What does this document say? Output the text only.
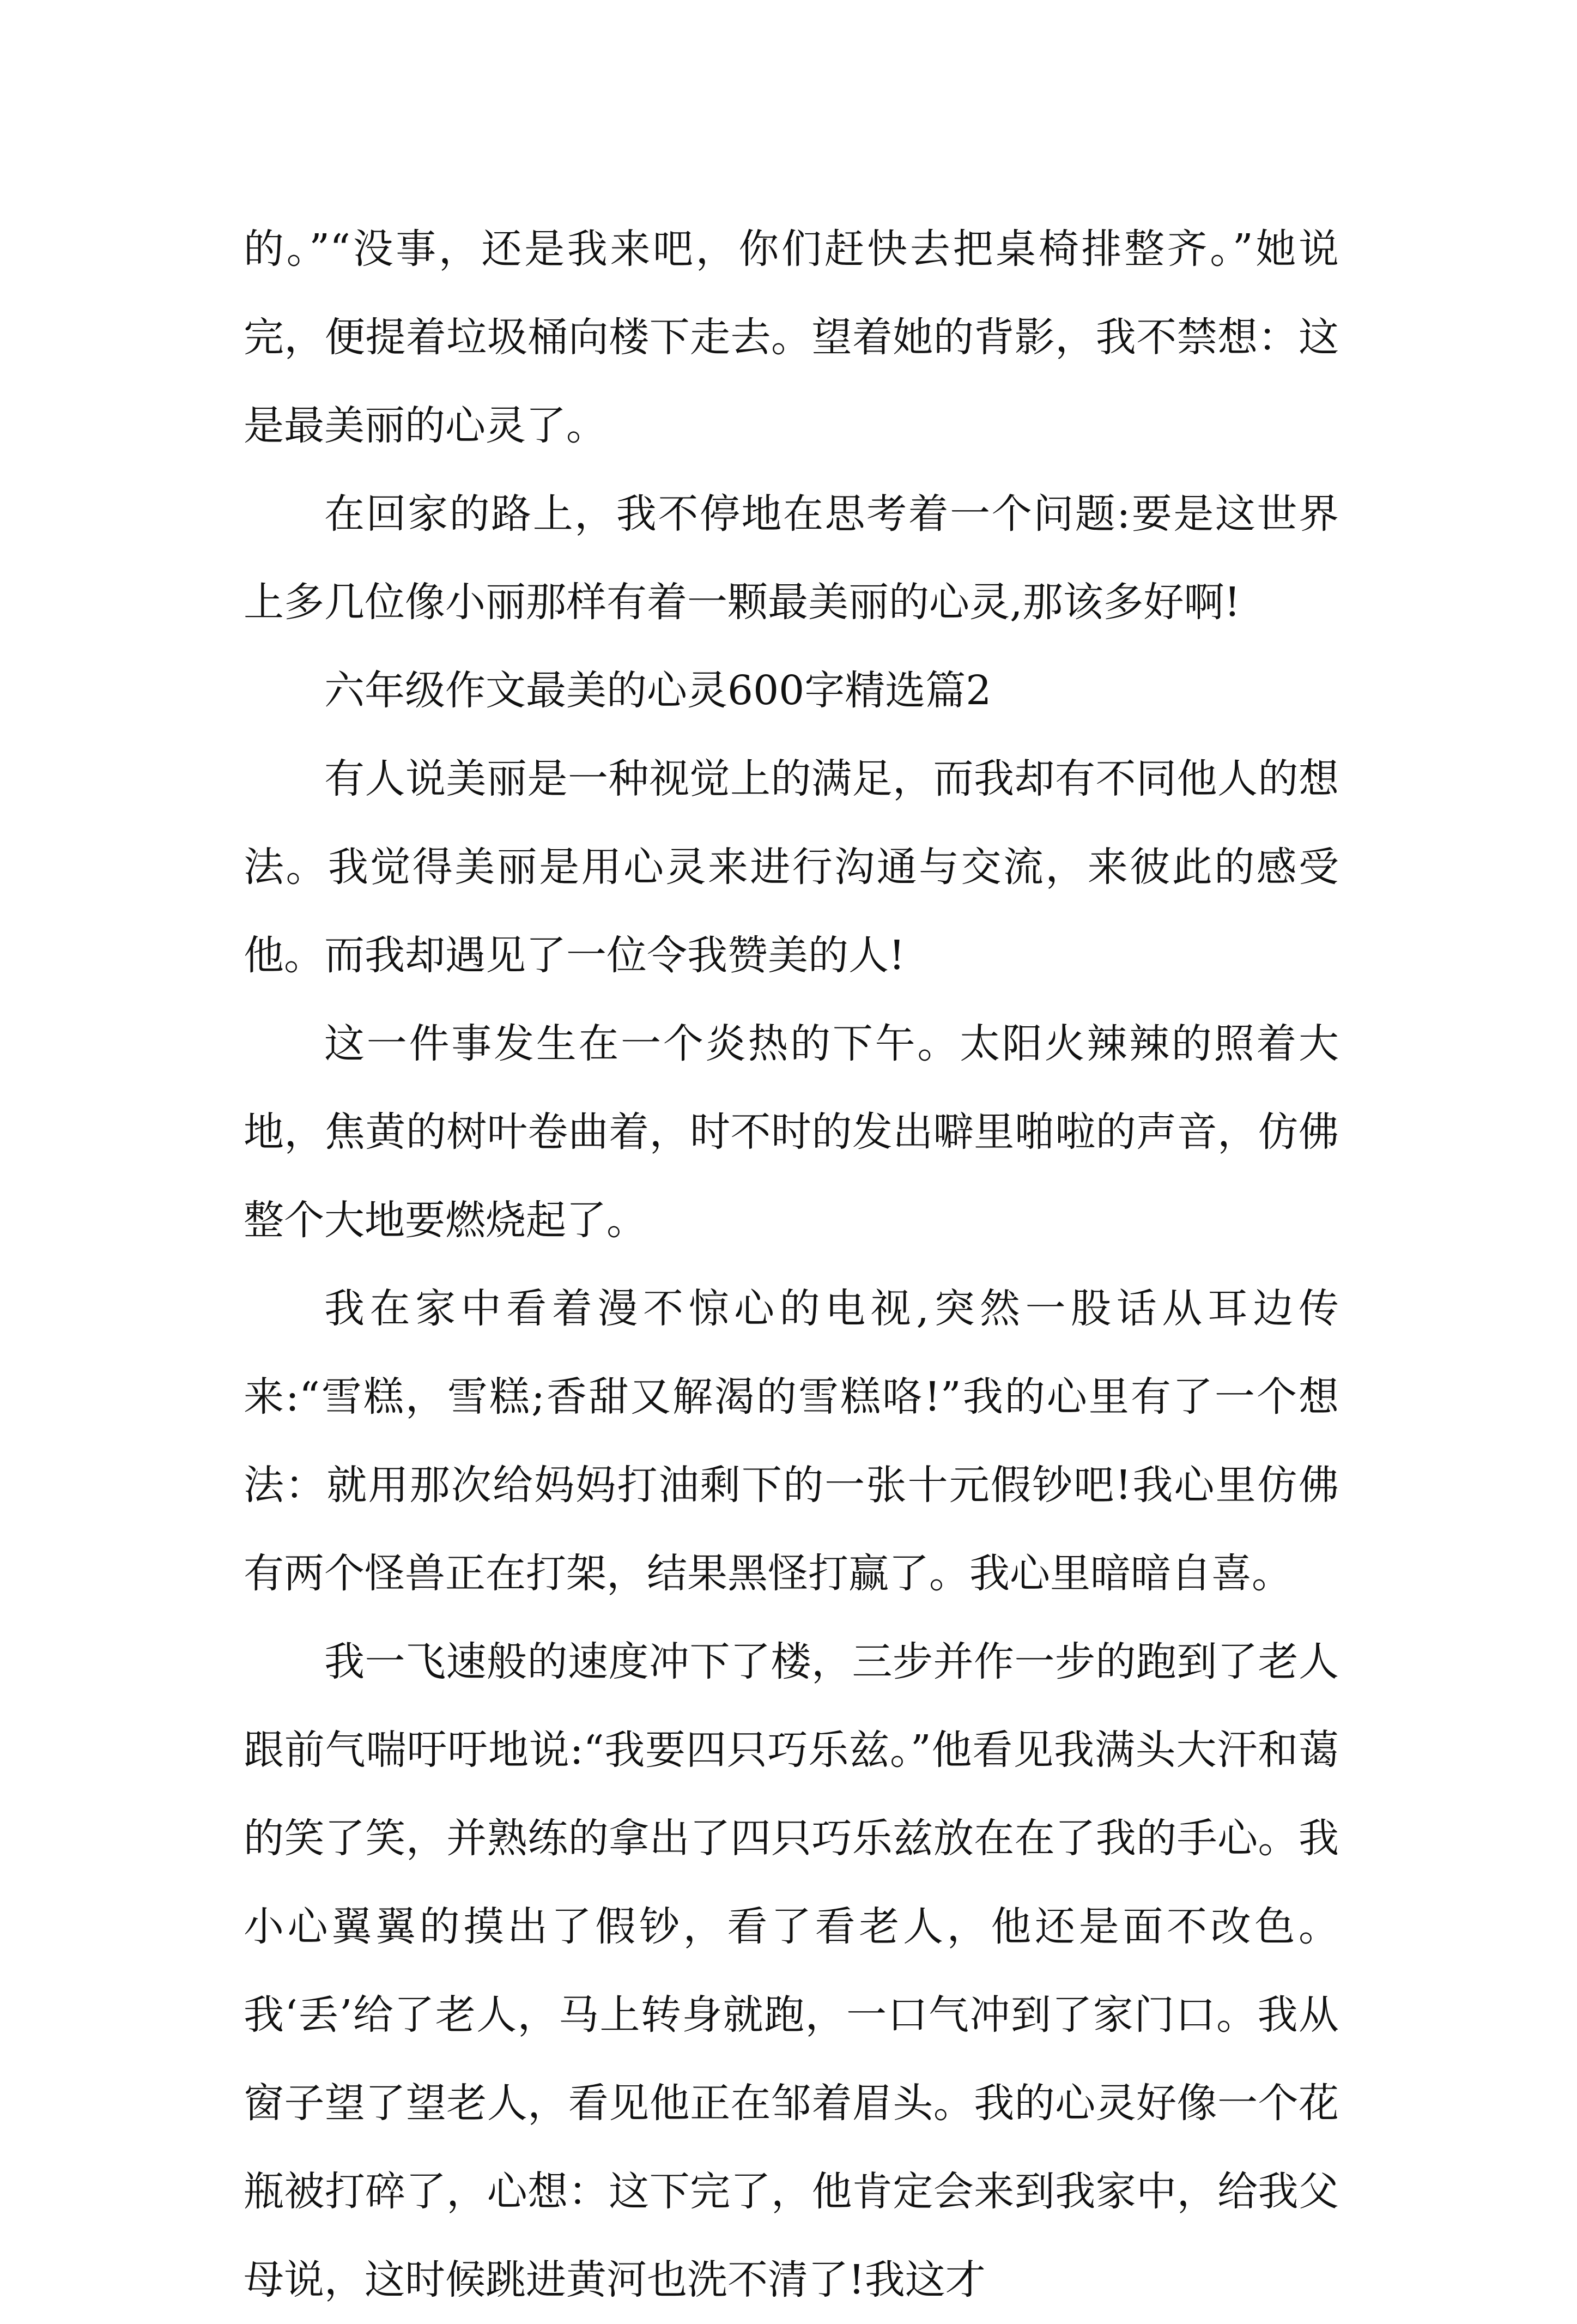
的。”“没事，还是我来吧，你们赶快去把桌椅排整齐。”她说完，便提着垃圾桶向楼下走去。望着她的背影，我不禁想：这是最美丽的心灵了。

在回家的路上，我不停地在思考着一个问题:要是这世界上多几位像小丽那样有着一颗最美丽的心灵,那该多好啊!

六年级作文最美的心灵600字精选篇2

有人说美丽是一种视觉上的满足，而我却有不同他人的想法。我觉得美丽是用心灵来进行沟通与交流，来彼此的感受他。而我却遇见了一位令我赞美的人!

这一件事发生在一个炎热的下午。太阳火辣辣的照着大地，焦黄的树叶卷曲着，时不时的发出噼里啪啦的声音，仿佛整个大地要燃烧起了。

我在家中看着漫不惊心的电视,突然一股话从耳边传来:“雪糕，雪糕;香甜又解渴的雪糕咯!”我的心里有了一个想法：就用那次给妈妈打油剩下的一张十元假钞吧!我心里仿佛有两个怪兽正在打架，结果黑怪打赢了。我心里暗暗自喜。

我一飞速般的速度冲下了楼，三步并作一步的跑到了老人跟前气喘吁吁地说:“我要四只巧乐兹。”他看见我满头大汗和蔼的笑了笑，并熟练的拿出了四只巧乐兹放在在了我的手心。我小心翼翼的摸出了假钞，看了看老人，他还是面不改色。我‘丢’给了老人，马上转身就跑，一口气冲到了家门口。我从窗子望了望老人，看见他正在邹着眉头。我的心灵好像一个花瓶被打碎了，心想：这下完了，他肯定会来到我家中，给我父母说，这时候跳进黄河也洗不清了!我这才
